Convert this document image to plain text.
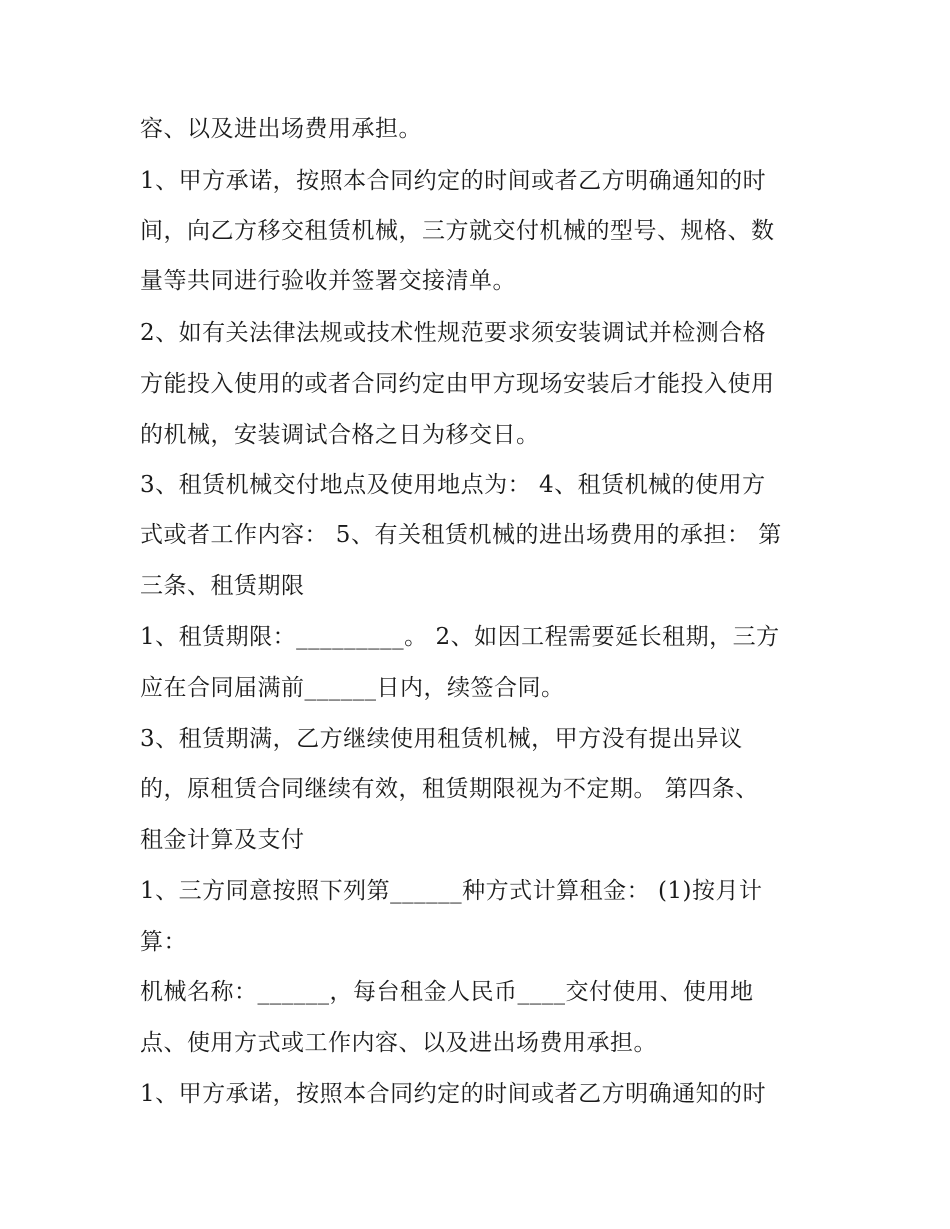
容、以及进出场费用承担。
1、甲方承诺，按照本合同约定的时间或者乙方明确通知的时
间，向乙方移交租赁机械，三方就交付机械的型号、规格、数
量等共同进行验收并签署交接清单。
2、如有关法律法规或技术性规范要求须安装调试并检测合格
方能投入使用的或者合同约定由甲方现场安装后才能投入使用
的机械，安装调试合格之日为移交日。
3、租赁机械交付地点及使用地点为： 4、租赁机械的使用方
式或者工作内容： 5、有关租赁机械的进出场费用的承担： 第
三条、租赁期限
1、租赁期限：_________。 2、如因工程需要延长租期，三方
应在合同届满前______日内，续签合同。
3、租赁期满，乙方继续使用租赁机械，甲方没有提出异议
的，原租赁合同继续有效，租赁期限视为不定期。 第四条、
租金计算及支付
1、三方同意按照下列第______种方式计算租金： (1)按月计
算：
机械名称：______，每台租金人民币____交付使用、使用地
点、使用方式或工作内容、以及进出场费用承担。
1、甲方承诺，按照本合同约定的时间或者乙方明确通知的时
